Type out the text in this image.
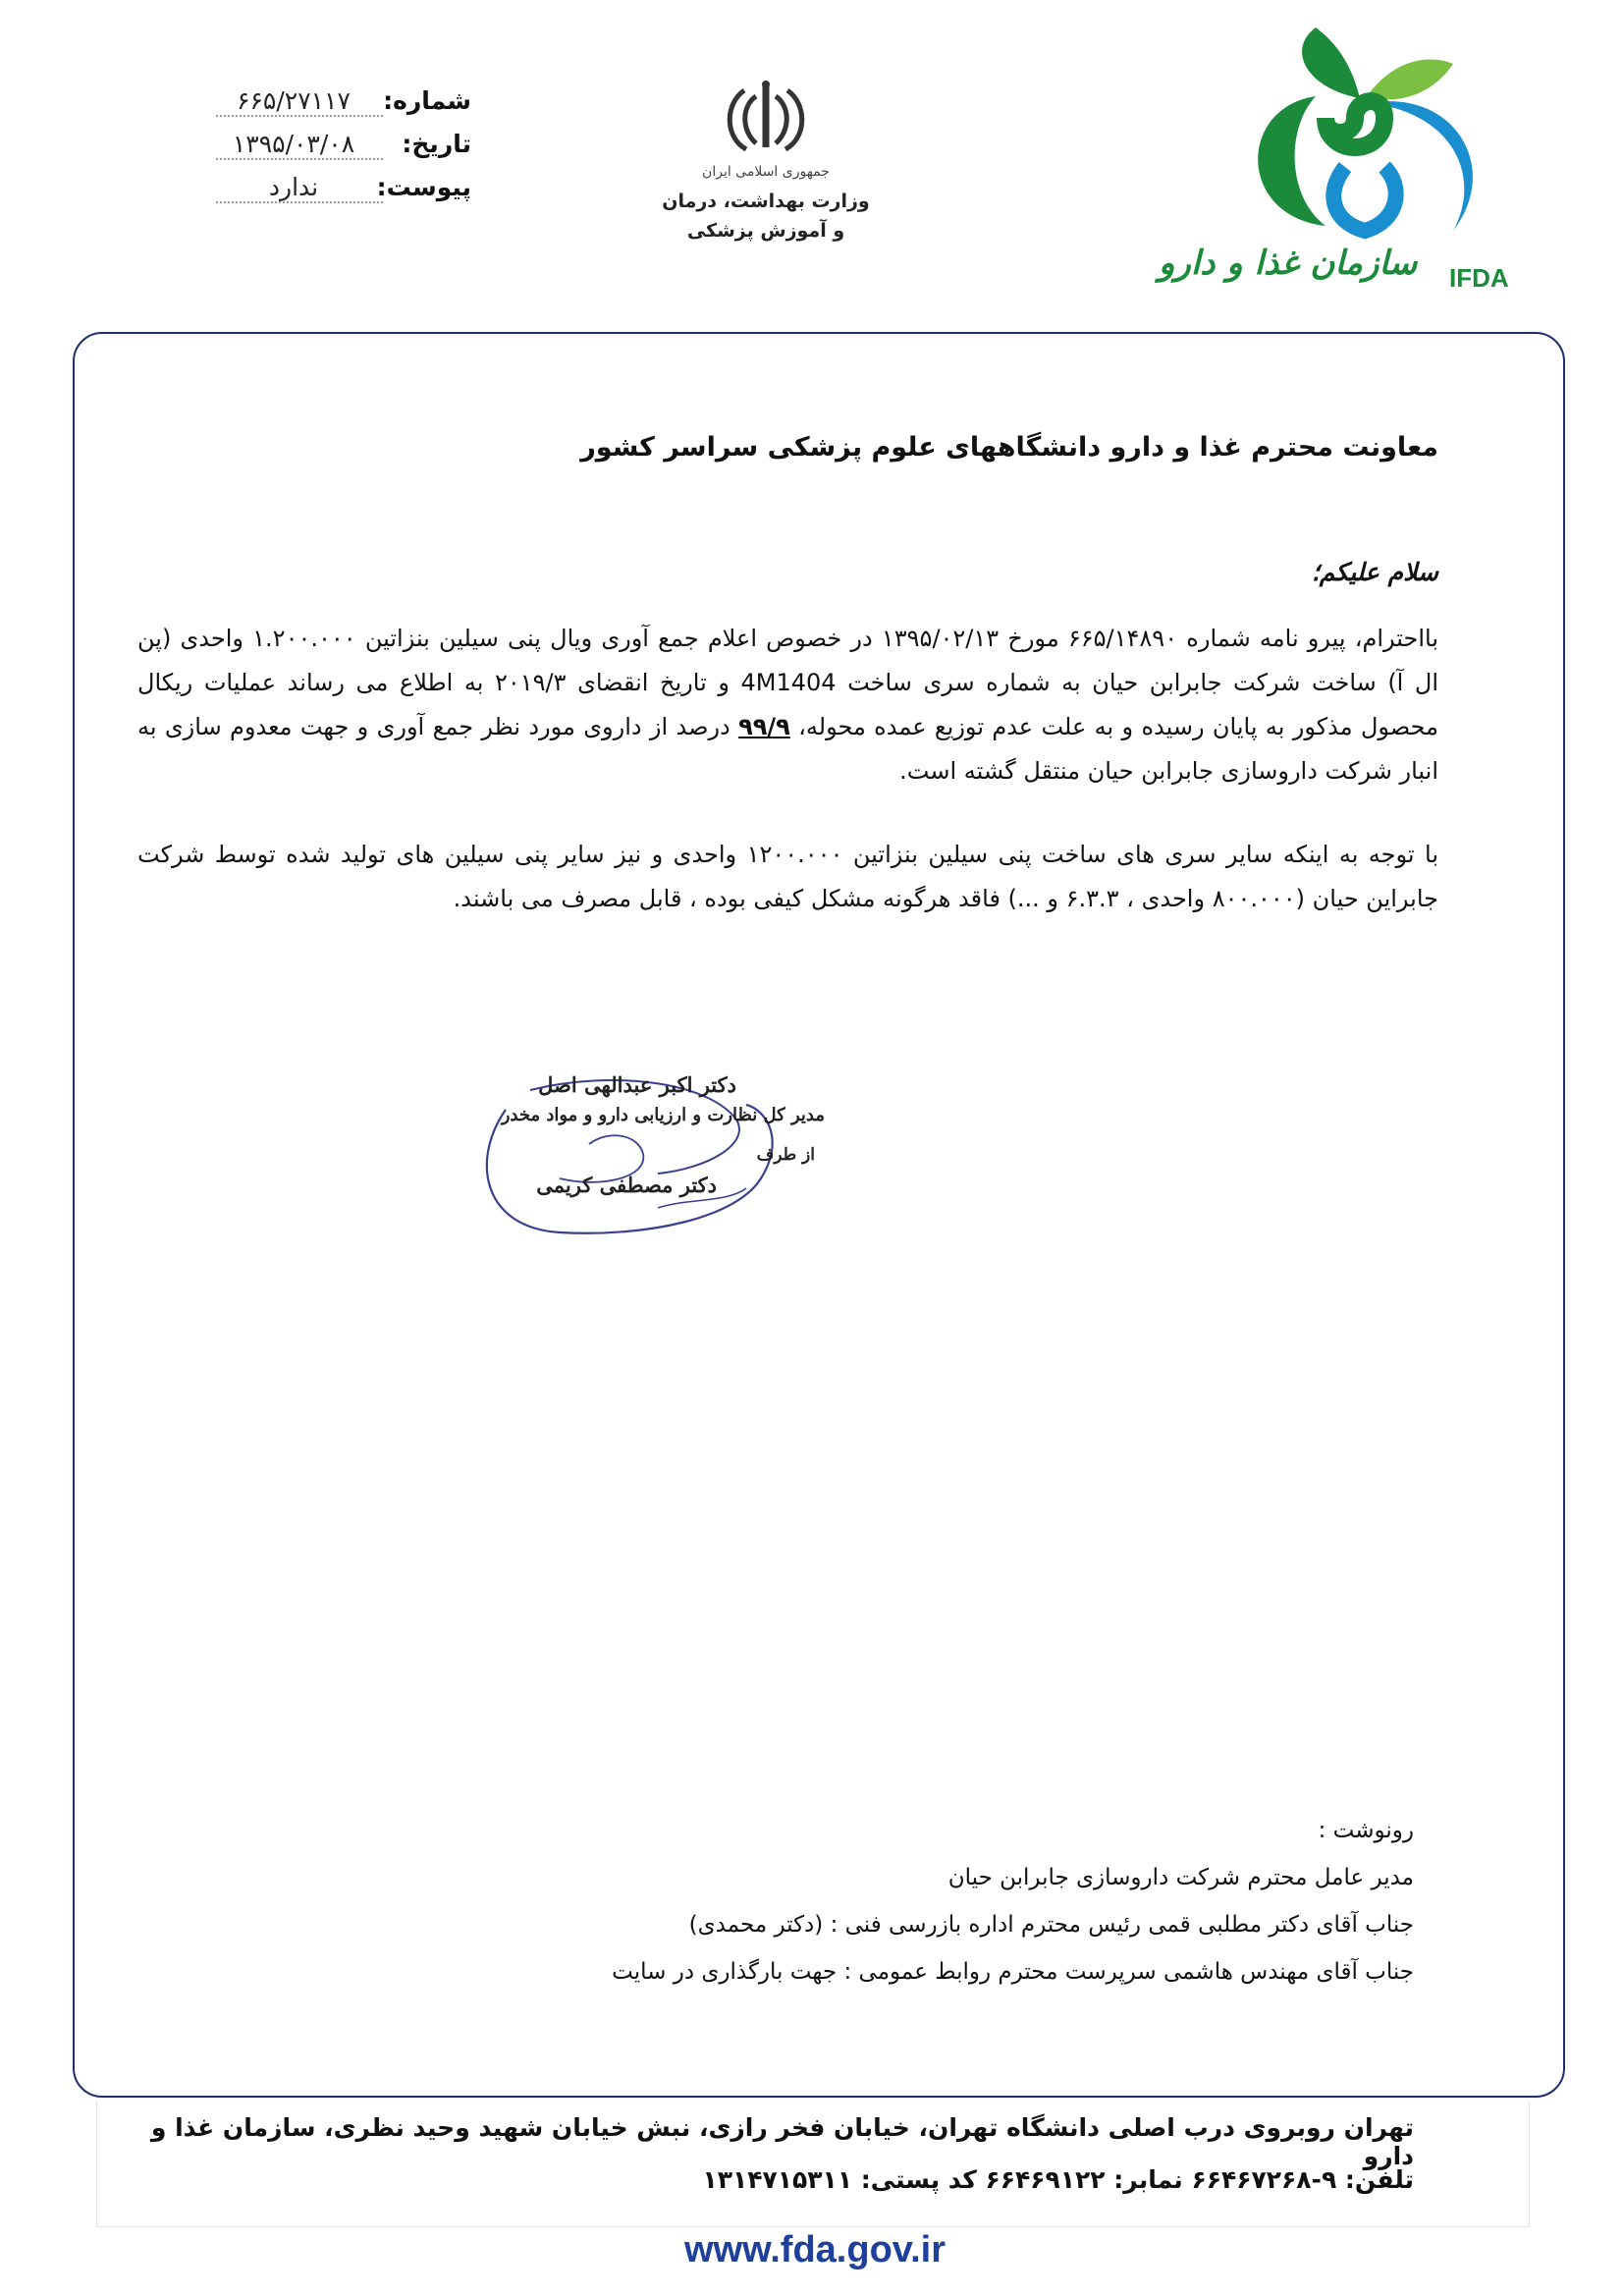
IFDA
سازمان غذا و دارو
جمهوری اسلامی ایران
وزارت بهداشت، درمان
و آموزش پزشکی
شماره:
۶۶۵/۲۷۱۱۷
تاریخ:
۱۳۹۵/۰۳/۰۸
پیوست:
ندارد
معاونت محترم غذا و دارو دانشگاههای علوم پزشکی سراسر کشور
سلام علیکم؛
بااحترام، پیرو نامه شماره ۶۶۵/۱۴۸۹۰ مورخ ۱۳۹۵/۰۲/۱۳ در خصوص اعلام جمع آوری ویال پنی سیلین بنزاتین ۱.۲۰۰.۰۰۰ واحدی (پن ال آ) ساخت شرکت جابرابن حیان به شماره سری ساخت 4M1404 و تاریخ انقضای ۲۰۱۹/۳ به اطلاع می رساند عملیات ریکال محصول مذکور به پایان رسیده و به علت عدم توزیع عمده محوله، ۹۹/۹ درصد از داروی مورد نظر جمع آوری و جهت معدوم سازی به انبار شرکت داروسازی جابرابن حیان منتقل گشته است.
با توجه به اینکه سایر سری های ساخت پنی سیلین بنزاتین ۱۲۰۰.۰۰۰ واحدی و نیز سایر پنی سیلین های تولید شده توسط شرکت جابراین حیان (۸۰۰.۰۰۰ واحدی ، ۶.۳.۳ و ...) فاقد هرگونه مشکل کیفی بوده ، قابل مصرف می باشند.
دکتر اکبر عبدالهی اصل
مدیر کل نظارت و ارزیابی دارو و مواد مخدر
از طرف
دکتر مصطفی کریمی
رونوشت :
مدیر عامل محترم شرکت داروسازی جابرابن حیان
جناب آقای دکتر مطلبی قمی رئیس محترم اداره بازرسی فنی : (دکتر محمدی)
جناب آقای مهندس هاشمی سرپرست محترم روابط عمومی : جهت بارگذاری در سایت
تهران روبروی درب اصلی دانشگاه تهران، خیابان فخر رازی، نبش خیابان شهید وحید نظری، سازمان غذا و دارو
تلفن: ۹-۶۶۴۶۷۲۶۸ نمابر: ۶۶۴۶۹۱۲۲ کد پستی: ۱۳۱۴۷۱۵۳۱۱
www.fda.gov.ir
